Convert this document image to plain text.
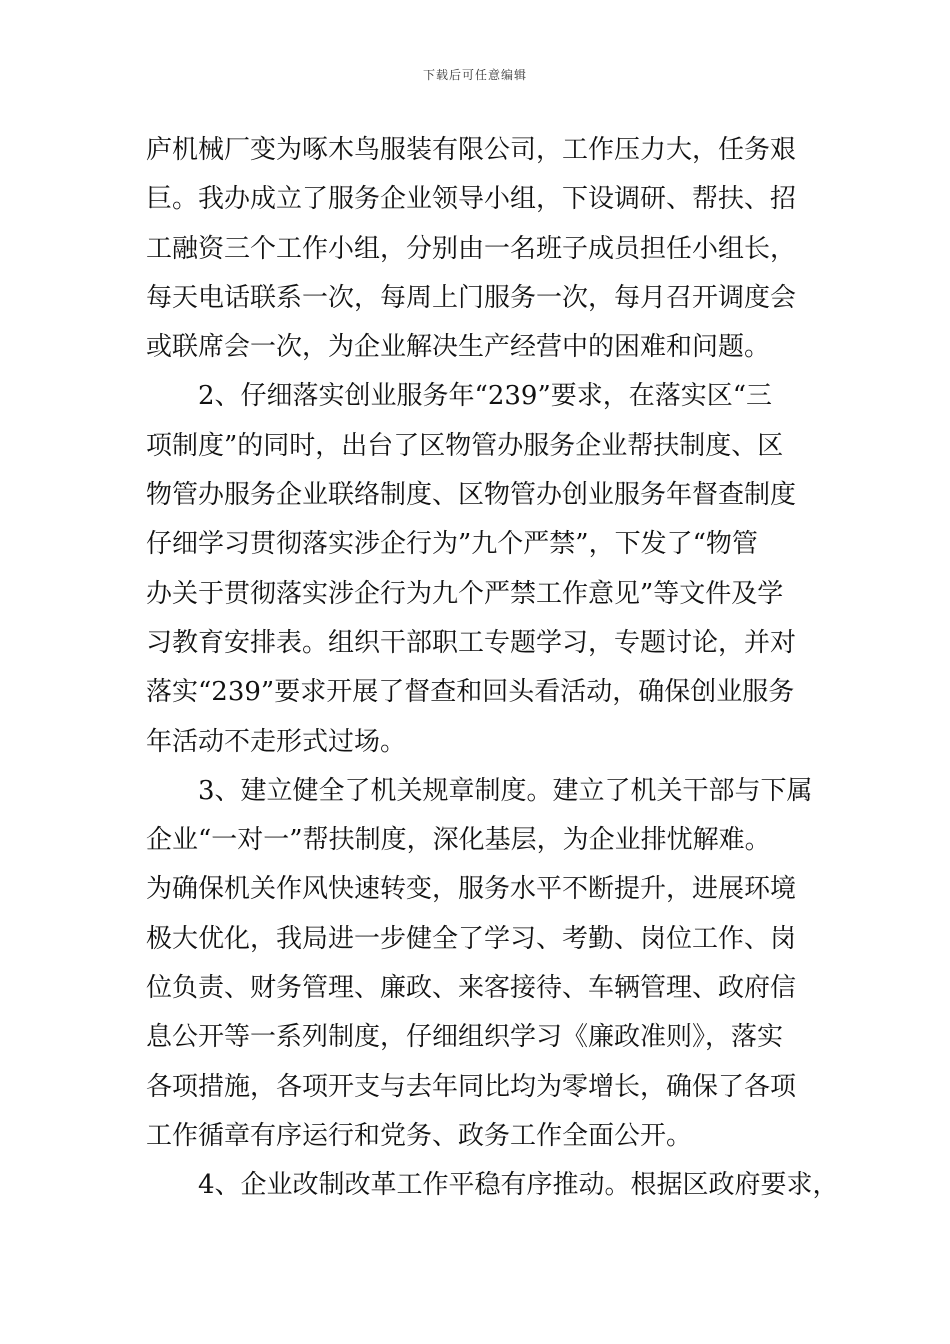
下载后可任意编辑
庐机械厂变为啄木鸟服装有限公司，工作压力大，任务艰
巨。我办成立了服务企业领导小组，下设调研、帮扶、招
工融资三个工作小组，分别由一名班子成员担任小组长，
每天电话联系一次，每周上门服务一次，每月召开调度会
或联席会一次，为企业解决生产经营中的困难和问题。
2、仔细落实创业服务年“239”要求，在落实区“三
项制度”的同时，出台了区物管办服务企业帮扶制度、区
物管办服务企业联络制度、区物管办创业服务年督查制度
仔细学习贯彻落实涉企行为”九个严禁”，下发了“物管
办关于贯彻落实涉企行为九个严禁工作意见”等文件及学
习教育安排表。组织干部职工专题学习，专题讨论，并对
落实“239”要求开展了督查和回头看活动，确保创业服务
年活动不走形式过场。
3、建立健全了机关规章制度。建立了机关干部与下属
企业“一对一”帮扶制度，深化基层，为企业排忧解难。
为确保机关作风快速转变，服务水平不断提升，进展环境
极大优化，我局进一步健全了学习、考勤、岗位工作、岗
位负责、财务管理、廉政、来客接待、车辆管理、政府信
息公开等一系列制度，仔细组织学习《廉政准则》，落实
各项措施，各项开支与去年同比均为零增长，确保了各项
工作循章有序运行和党务、政务工作全面公开。
4、企业改制改革工作平稳有序推动。根据区政府要求，
